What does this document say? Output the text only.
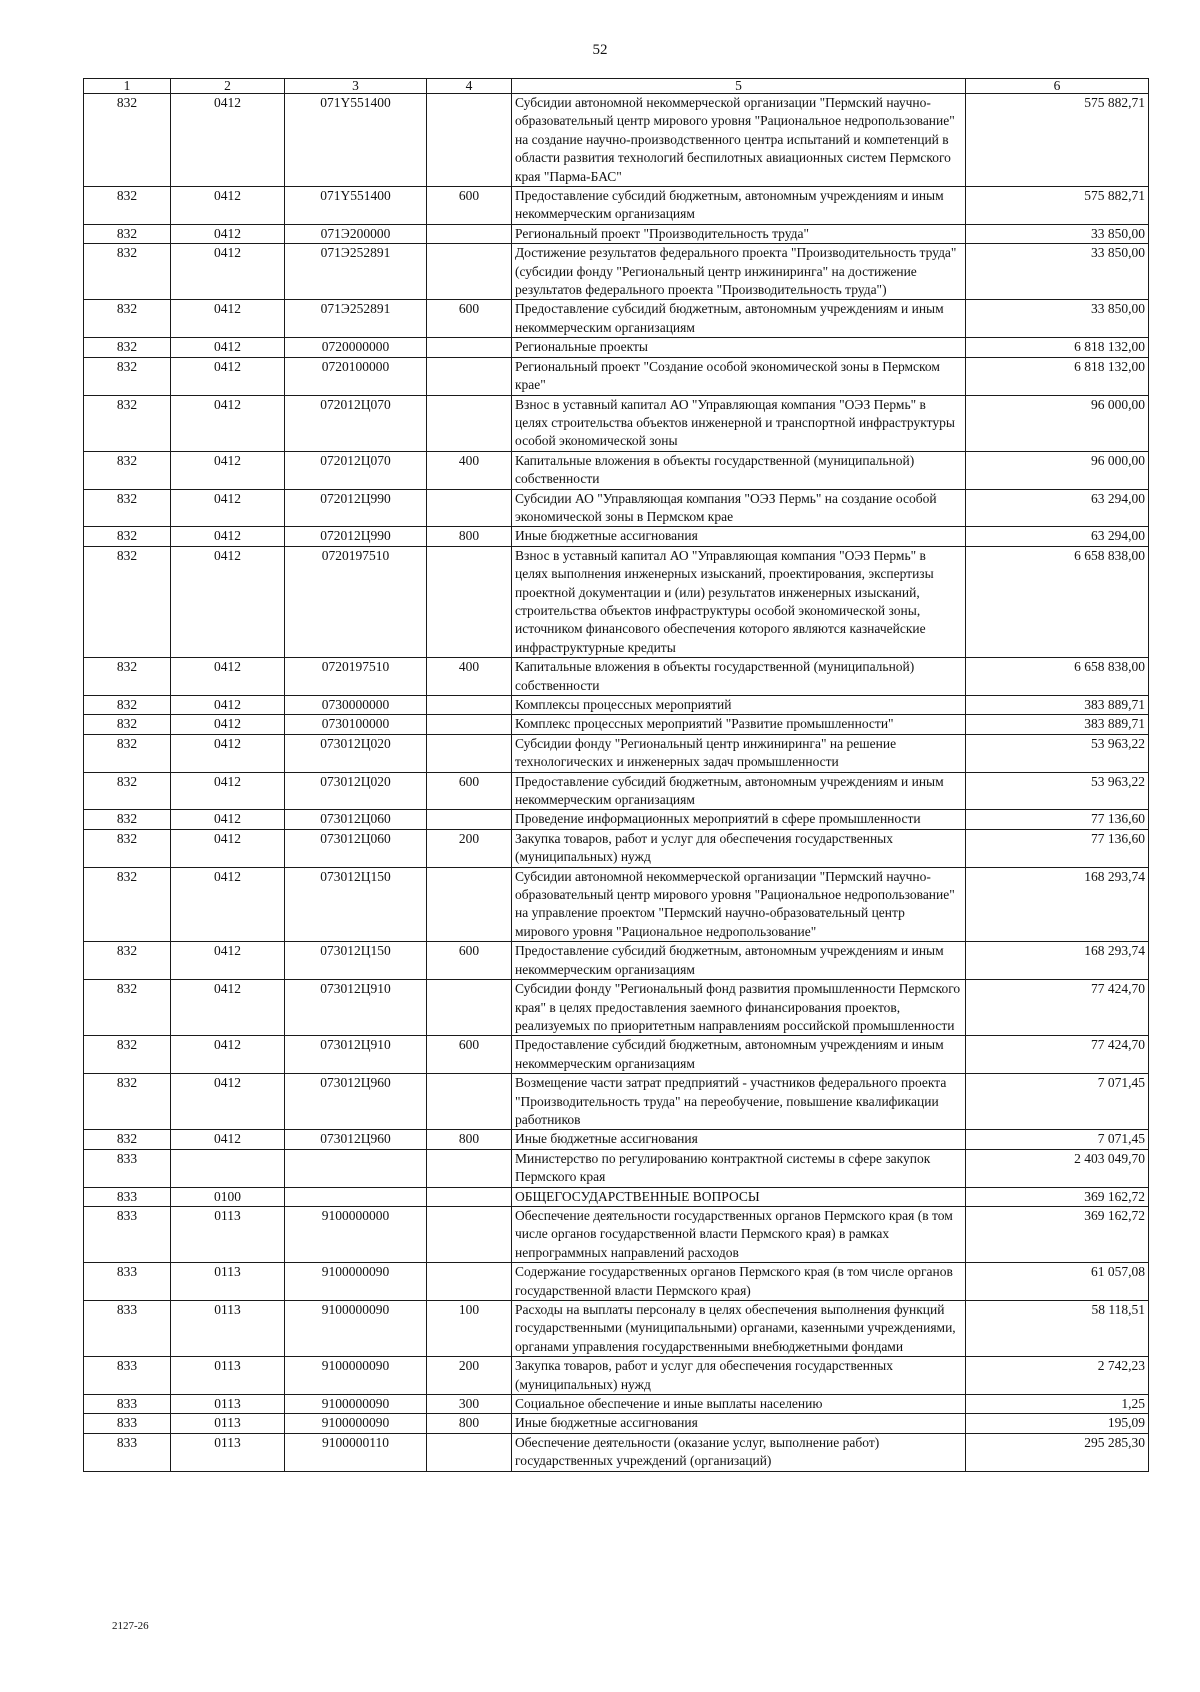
52
1	2	3	4	5	6
832	0412	071Y551400		Субсидии автономной некоммерческой организации "Пермский научно-образовательный центр мирового уровня "Рациональное недропользование" на создание научно-производственного центра испытаний и компетенций в области развития технологий беспилотных авиационных систем Пермского края "Парма-БАС"	575 882,71
832	0412	071Y551400	600	Предоставление субсидий бюджетным, автономным учреждениям и иным некоммерческим организациям	575 882,71
832	0412	071Э200000		Региональный проект "Производительность труда"	33 850,00
832	0412	071Э252891		Достижение результатов федерального проекта "Производительность труда" (субсидии фонду "Региональный центр инжиниринга" на достижение результатов федерального проекта "Производительность труда")	33 850,00
832	0412	071Э252891	600	Предоставление субсидий бюджетным, автономным учреждениям и иным некоммерческим организациям	33 850,00
832	0412	0720000000		Региональные проекты	6 818 132,00
832	0412	0720100000		Региональный проект "Создание особой экономической зоны в Пермском крае"	6 818 132,00
832	0412	072012Ц070		Взнос в уставный капитал АО "Управляющая компания "ОЭЗ Пермь" в целях строительства объектов инженерной и транспортной инфраструктуры особой экономической зоны	96 000,00
832	0412	072012Ц070	400	Капитальные вложения в объекты государственной (муниципальной) собственности	96 000,00
832	0412	072012Ц990		Субсидии АО "Управляющая компания "ОЭЗ Пермь" на создание особой экономической зоны в Пермском крае	63 294,00
832	0412	072012Ц990	800	Иные бюджетные ассигнования	63 294,00
832	0412	0720197510		Взнос в уставный капитал АО "Управляющая компания "ОЭЗ Пермь" в целях выполнения инженерных изысканий, проектирования, экспертизы проектной документации и (или) результатов инженерных изысканий, строительства объектов инфраструктуры особой экономической зоны, источником финансового обеспечения которого являются казначейские инфраструктурные кредиты	6 658 838,00
832	0412	0720197510	400	Капитальные вложения в объекты государственной (муниципальной) собственности	6 658 838,00
832	0412	0730000000		Комплексы процессных мероприятий	383 889,71
832	0412	0730100000		Комплекс процессных мероприятий "Развитие промышленности"	383 889,71
832	0412	073012Ц020		Субсидии фонду "Региональный центр инжиниринга" на решение технологических и инженерных задач промышленности	53 963,22
832	0412	073012Ц020	600	Предоставление субсидий бюджетным, автономным учреждениям и иным некоммерческим организациям	53 963,22
832	0412	073012Ц060		Проведение информационных мероприятий в сфере промышленности	77 136,60
832	0412	073012Ц060	200	Закупка товаров, работ и услуг для обеспечения государственных (муниципальных) нужд	77 136,60
832	0412	073012Ц150		Субсидии автономной некоммерческой организации "Пермский научно-образовательный центр мирового уровня "Рациональное недропользование" на управление проектом "Пермский научно-образовательный центр мирового уровня "Рациональное недропользование"	168 293,74
832	0412	073012Ц150	600	Предоставление субсидий бюджетным, автономным учреждениям и иным некоммерческим организациям	168 293,74
832	0412	073012Ц910		Субсидии фонду "Региональный фонд развития промышленности Пермского края" в целях предоставления заемного финансирования проектов, реализуемых по приоритетным направлениям российской промышленности	77 424,70
832	0412	073012Ц910	600	Предоставление субсидий бюджетным, автономным учреждениям и иным некоммерческим организациям	77 424,70
832	0412	073012Ц960		Возмещение части затрат предприятий - участников федерального проекта "Производительность труда" на переобучение, повышение квалификации работников	7 071,45
832	0412	073012Ц960	800	Иные бюджетные ассигнования	7 071,45
833				Министерство по регулированию контрактной системы в сфере закупок Пермского края	2 403 049,70
833	0100			ОБЩЕГОСУДАРСТВЕННЫЕ ВОПРОСЫ	369 162,72
833	0113	9100000000		Обеспечение деятельности государственных органов Пермского края (в том числе органов государственной власти Пермского края) в рамках непрограммных направлений расходов	369 162,72
833	0113	9100000090		Содержание государственных органов Пермского края (в том числе органов государственной власти Пермского края)	61 057,08
833	0113	9100000090	100	Расходы на выплаты персоналу в целях обеспечения выполнения функций государственными (муниципальными) органами, казенными учреждениями, органами управления государственными внебюджетными фондами	58 118,51
833	0113	9100000090	200	Закупка товаров, работ и услуг для обеспечения государственных (муниципальных) нужд	2 742,23
833	0113	9100000090	300	Социальное обеспечение и иные выплаты населению	1,25
833	0113	9100000090	800	Иные бюджетные ассигнования	195,09
833	0113	9100000110		Обеспечение деятельности (оказание услуг, выполнение работ) государственных учреждений (организаций)	295 285,30
2127-26
